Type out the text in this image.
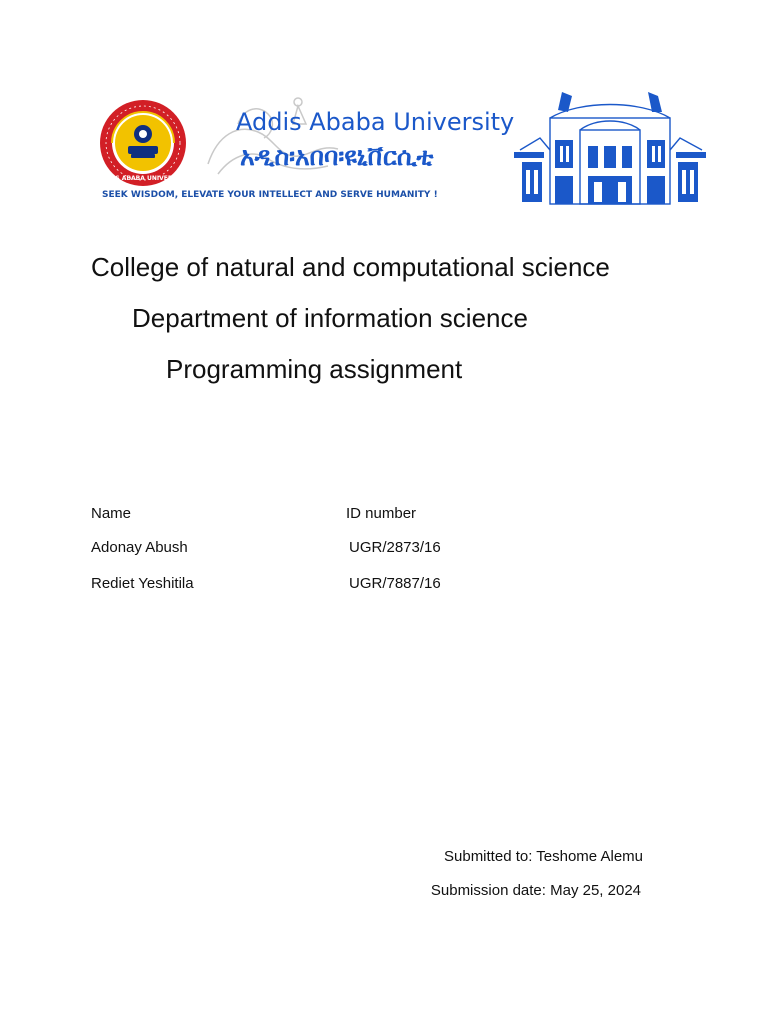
ADDIS ABABA UNIVERSITY
Addis Ababa University
አዲስ፡አበባ፡ዩኒቨርሲቲ
SEEK WISDOM, ELEVATE YOUR INTELLECT AND SERVE HUMANITY !
College of natural and computational science
Department of information science
Programming assignment
Name	ID number
Adonay Abush	UGR/2873/16
Rediet Yeshitila	UGR/7887/16
Submitted to: Teshome Alemu
Submission date: May 25, 2024
